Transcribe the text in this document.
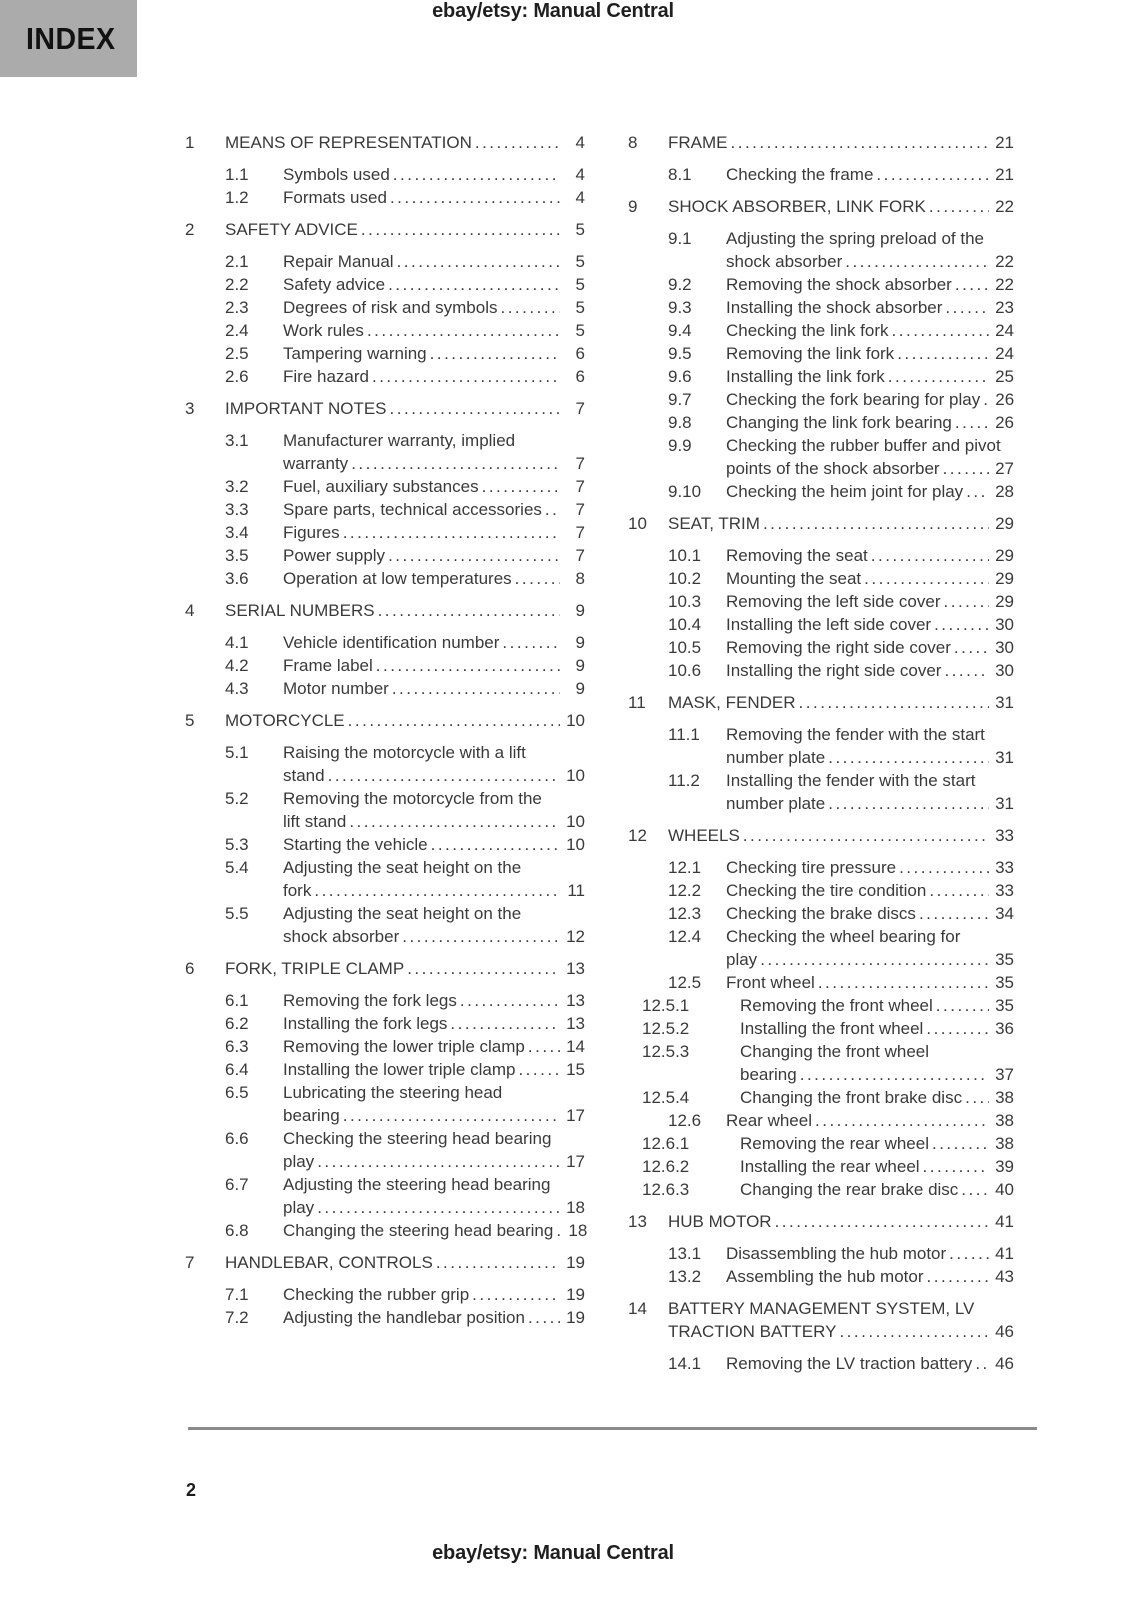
INDEX
ebay/etsy: Manual Central
1	MEANS OF REPRESENTATION .....	4
1.1	Symbols used .....	4
1.2	Formats used .....	4
2	SAFETY ADVICE .....	5
2.1	Repair Manual .....	5
2.2	Safety advice .....	5
2.3	Degrees of risk and symbols .....	5
2.4	Work rules .....	5
2.5	Tampering warning .....	6
2.6	Fire hazard .....	6
3	IMPORTANT NOTES .....	7
3.1	Manufacturer warranty, implied
warranty .....	7
3.2	Fuel, auxiliary substances .....	7
3.3	Spare parts, technical accessories .....	7
3.4	Figures .....	7
3.5	Power supply .....	7
3.6	Operation at low temperatures .....	8
4	SERIAL NUMBERS .....	9
4.1	Vehicle identification number .....	9
4.2	Frame label .....	9
4.3	Motor number .....	9
5	MOTORCYCLE .....	10
5.1	Raising the motorcycle with a lift
stand .....	10
5.2	Removing the motorcycle from the
lift stand .....	10
5.3	Starting the vehicle .....	10
5.4	Adjusting the seat height on the
fork .....	11
5.5	Adjusting the seat height on the
shock absorber .....	12
6	FORK, TRIPLE CLAMP .....	13
6.1	Removing the fork legs .....	13
6.2	Installing the fork legs .....	13
6.3	Removing the lower triple clamp ..... 14
6.4	Installing the lower triple clamp .....	15
6.5	Lubricating the steering head
bearing .....	17
6.6	Checking the steering head bearing
play .....	17
6.7	Adjusting the steering head bearing
play .....	18
6.8	Changing the steering head bearing ..... 18
7	HANDLEBAR, CONTROLS .....	19
7.1	Checking the rubber grip .....	19
7.2	Adjusting the handlebar position ..... 19
8	FRAME .....	21
8.1	Checking the frame .....	21
9	SHOCK ABSORBER, LINK FORK .....	22
9.1	Adjusting the spring preload of the
shock absorber .....	22
9.2	Removing the shock absorber .....	22
9.3	Installing the shock absorber .....	23
9.4	Checking the link fork .....	24
9.5	Removing the link fork .....	24
9.6	Installing the link fork .....	25
9.7	Checking the fork bearing for play ..... 26
9.8	Changing the link fork bearing .....	26
9.9	Checking the rubber buffer and pivot
points of the shock absorber .....	27
9.10	Checking the heim joint for play ..... 28
10	SEAT, TRIM .....	29
10.1	Removing the seat .....	29
10.2	Mounting the seat .....	29
10.3	Removing the left side cover .....	29
10.4	Installing the left side cover .....	30
10.5	Removing the right side cover .....	30
10.6	Installing the right side cover .....	30
11	MASK, FENDER .....	31
11.1	Removing the fender with the start
number plate .....	31
11.2	Installing the fender with the start
number plate .....	31
12	WHEELS .....	33
12.1	Checking tire pressure .....	33
12.2	Checking the tire condition .....	33
12.3	Checking the brake discs .....	34
12.4	Checking the wheel bearing for
play .....	35
12.5	Front wheel .....	35
12.5.1	Removing the front wheel .....	35
12.5.2	Installing the front wheel .....	36
12.5.3	Changing the front wheel
bearing .....	37
12.5.4	Changing the front brake disc ..... 38
12.6	Rear wheel .....	38
12.6.1	Removing the rear wheel .....	38
12.6.2	Installing the rear wheel .....	39
12.6.3	Changing the rear brake disc ..... 40
13	HUB MOTOR .....	41
13.1	Disassembling the hub motor .....	41
13.2	Assembling the hub motor .....	43
14	BATTERY MANAGEMENT SYSTEM, LV
TRACTION BATTERY .....	46
14.1	Removing the LV traction battery ..... 46
2
ebay/etsy: Manual Central
